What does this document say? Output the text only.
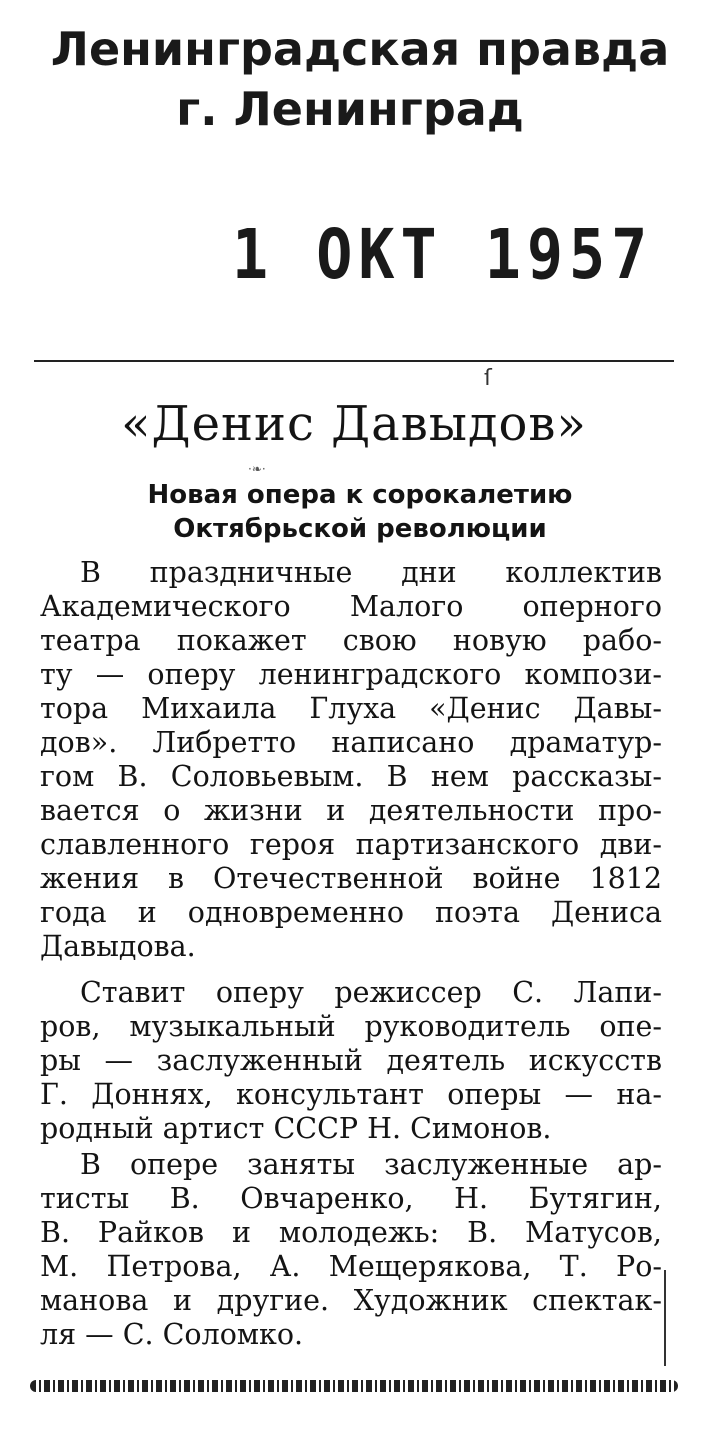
Ленинградская правда
г. Ленинград
1 ОКТ 1957
ſ
«Денис Давыдов»
·❧·
Новая опера к сорокалетию
Октябрьской революции
В праздничные дни коллектив
Академического Малого оперного
театра покажет свою новую рабо-
ту — оперу ленинградского компози-
тора Михаила Глуха «Денис Давы-
дов». Либретто написано драматур-
гом В. Соловьевым. В нем рассказы-
вается о жизни и деятельности про-
славленного героя партизанского дви-
жения в Отечественной войне 1812
года и одновременно поэта Дениса
Давыдова.
Ставит оперу режиссер С. Лапи-
ров, музыкальный руководитель опе-
ры — заслуженный деятель искусств
Г. Доннях, консультант оперы — на-
родный артист СССР Н. Симонов.
В опере заняты заслуженные ар-
тисты В. Овчаренко, Н. Бутягин,
В. Райков и молодежь: В. Матусов,
М. Петрова, А. Мещерякова, Т. Ро-
манова и другие. Художник спектак-
ля — С. Соломко.
